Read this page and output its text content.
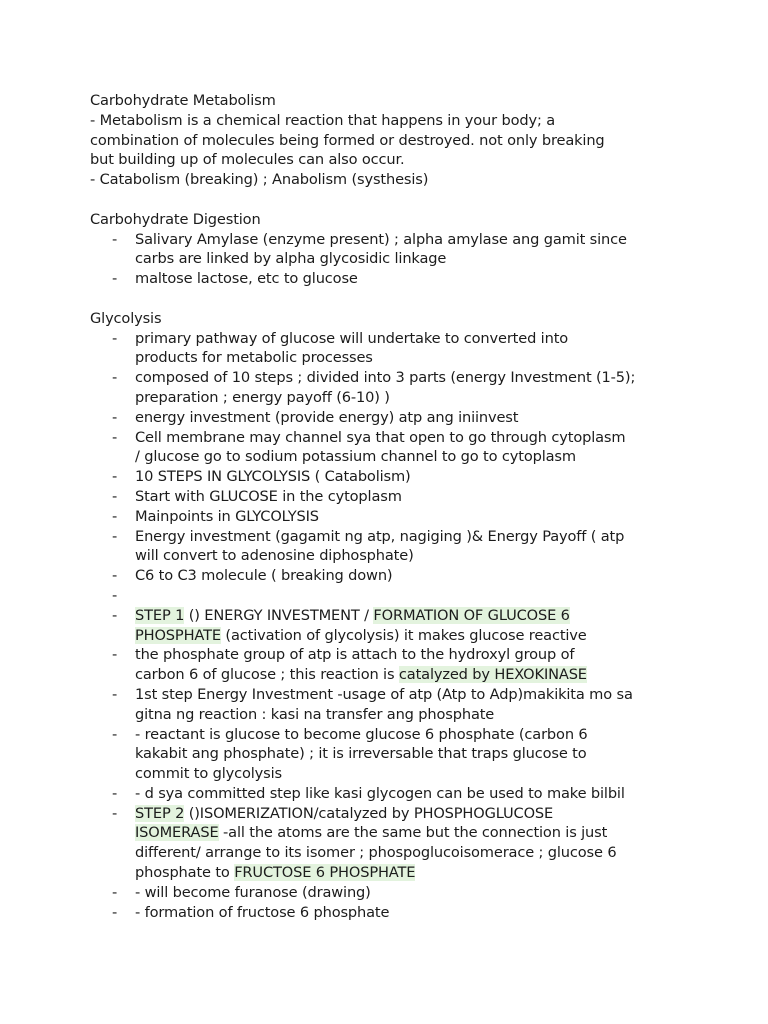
Carbohydrate Metabolism
- Metabolism is a chemical reaction that happens in your body; a
combination of molecules being formed or destroyed. not only breaking
but building up of molecules can also occur.
- Catabolism (breaking) ; Anabolism (systhesis)
Carbohydrate Digestion
- Salivary Amylase (enzyme present) ; alpha amylase ang gamit since
carbs are linked by alpha glycosidic linkage
- maltose lactose, etc to glucose
Glycolysis
- primary pathway of glucose will undertake to converted into
products for metabolic processes
- composed of 10 steps ; divided into 3 parts (energy Investment (1-5);
preparation ; energy payoff (6-10) )
- energy investment (provide energy) atp ang iniinvest
- Cell membrane may channel sya that open to go through cytoplasm
/ glucose go to sodium potassium channel to go to cytoplasm
- 10 STEPS IN GLYCOLYSIS ( Catabolism)
- Start with GLUCOSE in the cytoplasm
- Mainpoints in GLYCOLYSIS
- Energy investment (gagamit ng atp, nagiging )& Energy Payoff ( atp
will convert to adenosine diphosphate)
- C6 to C3 molecule ( breaking down)
-

- STEP 1 () ENERGY INVESTMENT / FORMATION OF GLUCOSE 6
PHOSPHATE (activation of glycolysis) it makes glucose reactive
- the phosphate group of atp is attach to the hydroxyl group of
carbon 6 of glucose ; this reaction is catalyzed by HEXOKINASE
- 1st step Energy Investment -usage of atp (Atp to Adp)makikita mo sa
gitna ng reaction : kasi na transfer ang phosphate
- - reactant is glucose to become glucose 6 phosphate (carbon 6
kakabit ang phosphate) ; it is irreversable that traps glucose to
commit to glycolysis
- - d sya committed step like kasi glycogen can be used to make bilbil
- STEP 2 ()ISOMERIZATION/catalyzed by PHOSPHOGLUCOSE
ISOMERASE -all the atoms are the same but the connection is just
different/ arrange to its isomer ; phospoglucoisomerace ; glucose 6
phosphate to FRUCTOSE 6 PHOSPHATE
- - will become furanose (drawing)
- - formation of fructose 6 phosphate
